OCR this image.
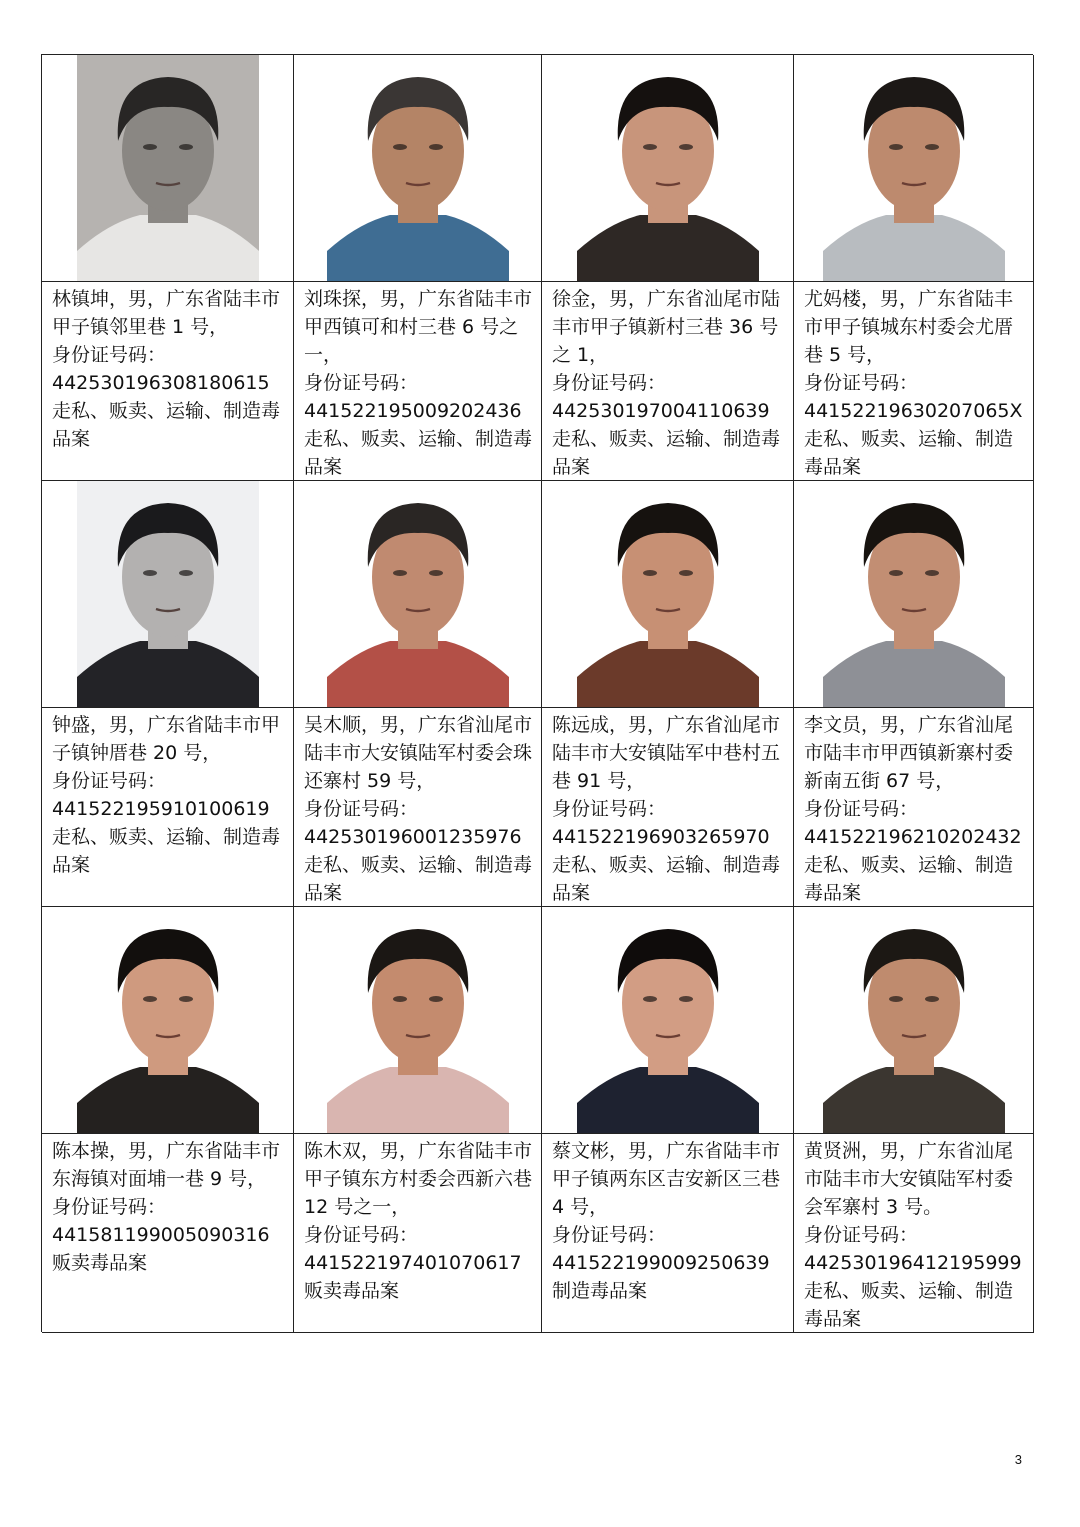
林镇坤，男，广东省陆丰市甲子镇邻里巷 1 号，
身份证号码：
442530196308180615
走私、贩卖、运输、制造毒品案
刘珠探，男，广东省陆丰市甲西镇可和村三巷 6 号之一，
身份证号码：
441522195009202436
走私、贩卖、运输、制造毒品案
徐金，男，广东省汕尾市陆丰市甲子镇新村三巷 36 号之 1，
身份证号码：
442530197004110639
走私、贩卖、运输、制造毒品案
尤妈楼，男，广东省陆丰市甲子镇城东村委会尤厝巷 5 号，
身份证号码：
44152219630207065X
走私、贩卖、运输、制造毒品案
钟盛，男，广东省陆丰市甲子镇钟厝巷 20 号，
身份证号码：
441522195910100619
走私、贩卖、运输、制造毒品案
吴木顺，男，广东省汕尾市陆丰市大安镇陆军村委会珠还寨村 59 号，
身份证号码：
442530196001235976
走私、贩卖、运输、制造毒品案
陈远成，男，广东省汕尾市陆丰市大安镇陆军中巷村五巷 91 号，
身份证号码：
441522196903265970
走私、贩卖、运输、制造毒品案
李文员，男，广东省汕尾市陆丰市甲西镇新寨村委新南五街 67 号，
身份证号码：
441522196210202432
走私、贩卖、运输、制造毒品案
陈本操，男，广东省陆丰市东海镇对面埔一巷 9 号，
身份证号码：
441581199005090316
贩卖毒品案
陈木双，男，广东省陆丰市甲子镇东方村委会西新六巷 12 号之一，
身份证号码：
441522197401070617
贩卖毒品案
蔡文彬，男，广东省陆丰市甲子镇两东区吉安新区三巷 4 号，
身份证号码：
441522199009250639
制造毒品案
黄贤洲，男，广东省汕尾市陆丰市大安镇陆军村委会军寨村 3 号。
身份证号码：
442530196412195999
走私、贩卖、运输、制造毒品案
3
